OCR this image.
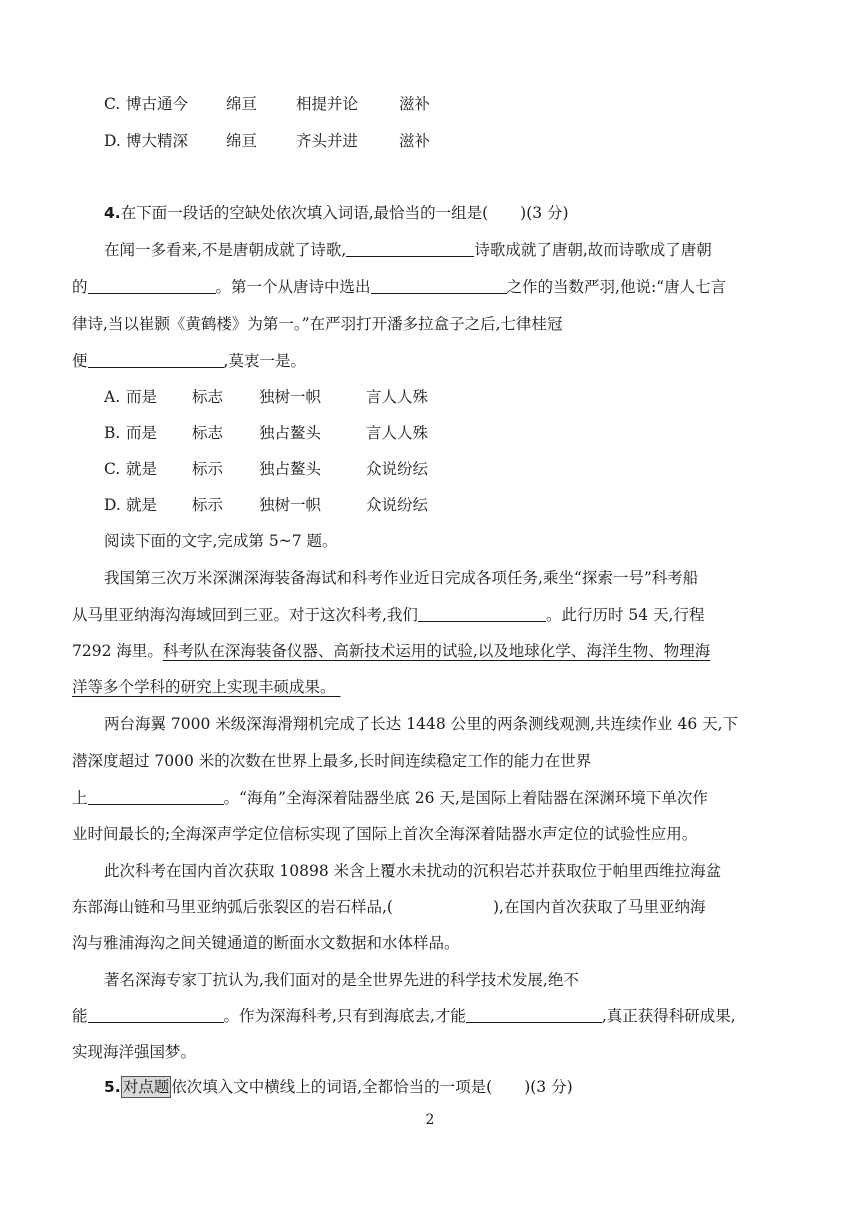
C. 博古通今 绵亘	相提并论	滋补
D. 博大精深 绵亘	齐头并进	滋补
4.在下面一段话的空缺处依次填入词语,最恰当的一组是( )(3 分)
在闻一多看来,不是唐朝成就了诗歌,	诗歌成就了唐朝,故而诗歌成了唐朝
的	。第一个从唐诗中选出	之作的当数严羽,他说:“唐人七言
律诗,当以崔颢《黄鹤楼》为第一。”在严羽打开潘多拉盒子之后,七律桂冠
便	,莫衷一是。
A. 而是 标志 独树一帜	言人人殊
B. 而是 标志 独占鳌头	言人人殊
C. 就是 标示 独占鳌头	众说纷纭
D. 就是 标示 独树一帜	众说纷纭
阅读下面的文字,完成第 5~7 题。
我国第三次万米深渊深海装备海试和科考作业近日完成各项任务,乘坐“探索一号”科考船
从马里亚纳海沟海域回到三亚。对于这次科考,我们	。此行历时 54 天,行程
7292 海里。科考队在深海装备仪器、高新技术运用的试验,以及地球化学、海洋生物、物理海
洋等多个学科的研究上实现丰硕成果。
两台海翼 7000 米级深海滑翔机完成了长达 1448 公里的两条测线观测,共连续作业 46 天,下
潜深度超过 7000 米的次数在世界上最多,长时间连续稳定工作的能力在世界
上	。“海角”全海深着陆器坐底 26 天,是国际上着陆器在深渊环境下单次作
业时间最长的;全海深声学定位信标实现了国际上首次全海深着陆器水声定位的试验性应用。
此次科考在国内首次获取 10898 米含上覆水未扰动的沉积岩芯并获取位于帕里西维拉海盆
东部海山链和马里亚纳弧后张裂区的岩石样品,(	),在国内首次获取了马里亚纳海
沟与雅浦海沟之间关键通道的断面水文数据和水体样品。
著名深海专家丁抗认为,我们面对的是全世界先进的科学技术发展,绝不
能	。作为深海科考,只有到海底去,才能	,真正获得科研成果,
实现海洋强国梦。
5. 对点题 依次填入文中横线上的词语,全都恰当的一项是( )(3 分)
2
